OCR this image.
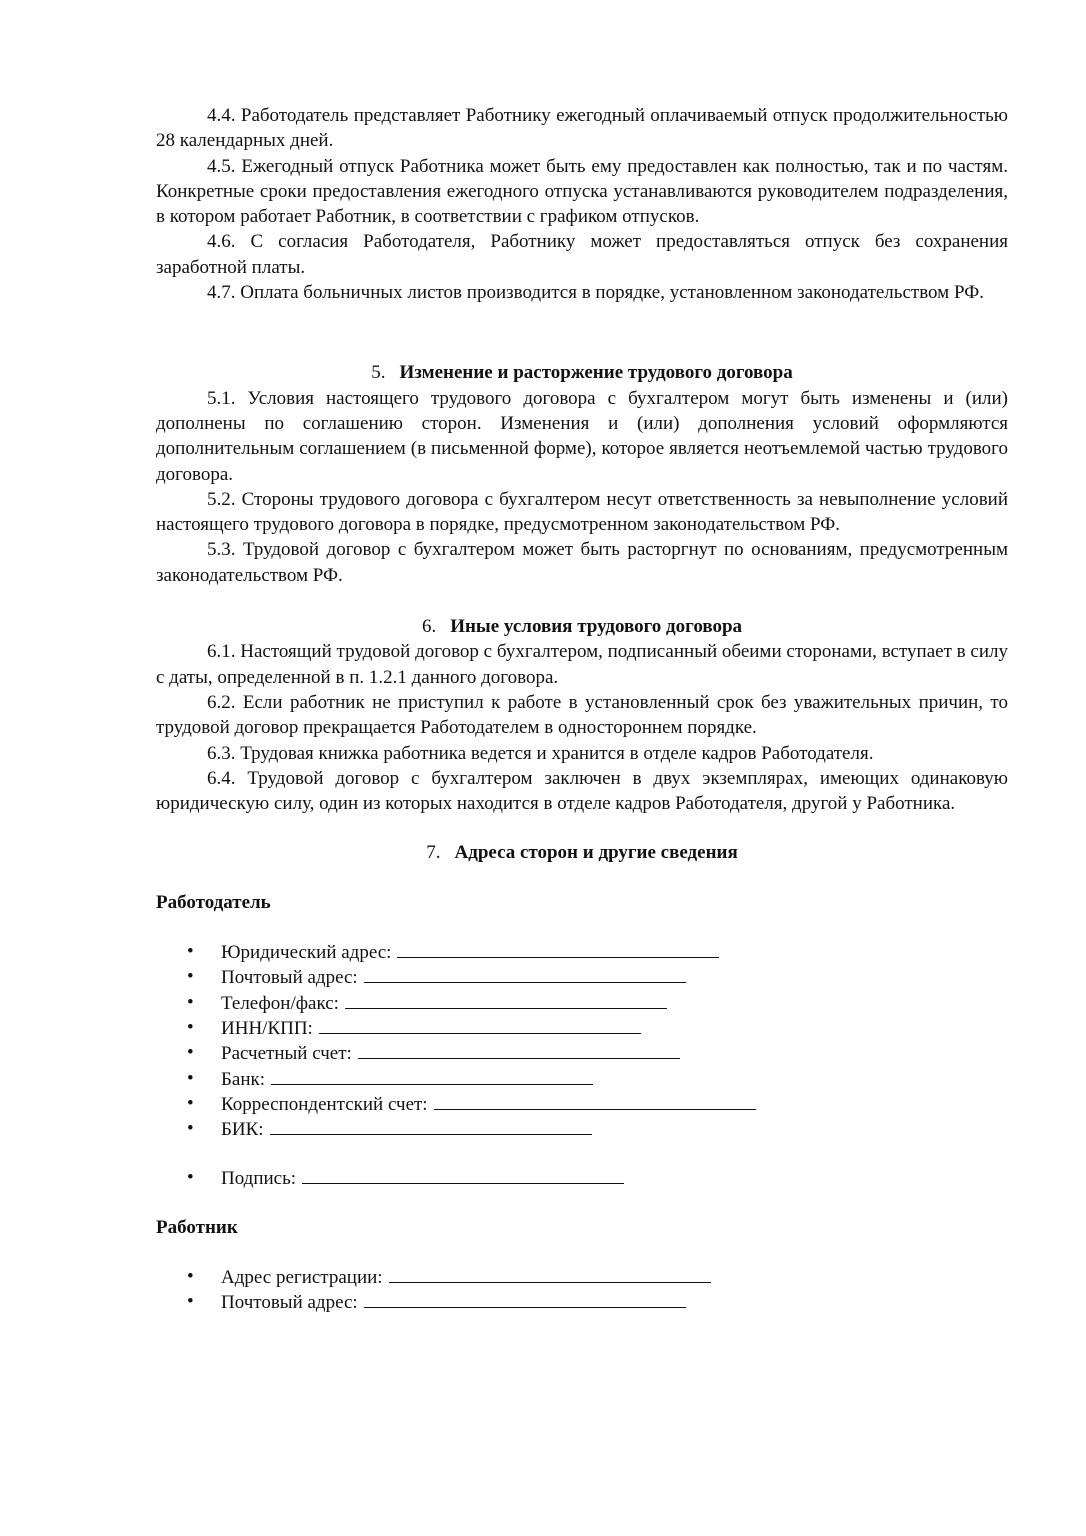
4.4. Работодатель представляет Работнику ежегодный оплачиваемый отпуск продолжительностью 28 календарных дней.

4.5. Ежегодный отпуск Работника может быть ему предоставлен как полностью, так и по частям. Конкретные сроки предоставления ежегодного отпуска устанавливаются руководителем подразделения, в котором работает Работник, в соответствии с графиком отпусков.

4.6. С согласия Работодателя, Работнику может предоставляться отпуск без сохранения заработной платы.

4.7. Оплата больничных листов производится в порядке, установленном законодательством РФ.

5. Изменение и расторжение трудового договора

5.1. Условия настоящего трудового договора с бухгалтером могут быть изменены и (или) дополнены по соглашению сторон. Изменения и (или) дополнения условий оформляются дополнительным соглашением (в письменной форме), которое является неотъемлемой частью трудового договора.

5.2. Стороны трудового договора с бухгалтером несут ответственность за невыполнение условий настоящего трудового договора в порядке, предусмотренном законодательством РФ.

5.3. Трудовой договор с бухгалтером может быть расторгнут по основаниям, предусмотренным законодательством РФ.

6. Иные условия трудового договора

6.1. Настоящий трудовой договор с бухгалтером, подписанный обеими сторонами, вступает в силу с даты, определенной в п. 1.2.1 данного договора.

6.2. Если работник не приступил к работе в установленный срок без уважительных причин, то трудовой договор прекращается Работодателем в одностороннем порядке.

6.3. Трудовая книжка работника ведется и хранится в отделе кадров Работодателя.

6.4. Трудовой договор с бухгалтером заключен в двух экземплярах, имеющих одинаковую юридическую силу, один из которых находится в отделе кадров Работодателя, другой у Работника.

7. Адреса сторон и другие сведения

Работодатель

• Юридический адрес:
• Почтовый адрес:
• Телефон/факс:
• ИНН/КПП:
• Расчетный счет:
• Банк:
• Корреспондентский счет:
• БИК:
• Подпись:

Работник

• Адрес регистрации:
• Почтовый адрес:
